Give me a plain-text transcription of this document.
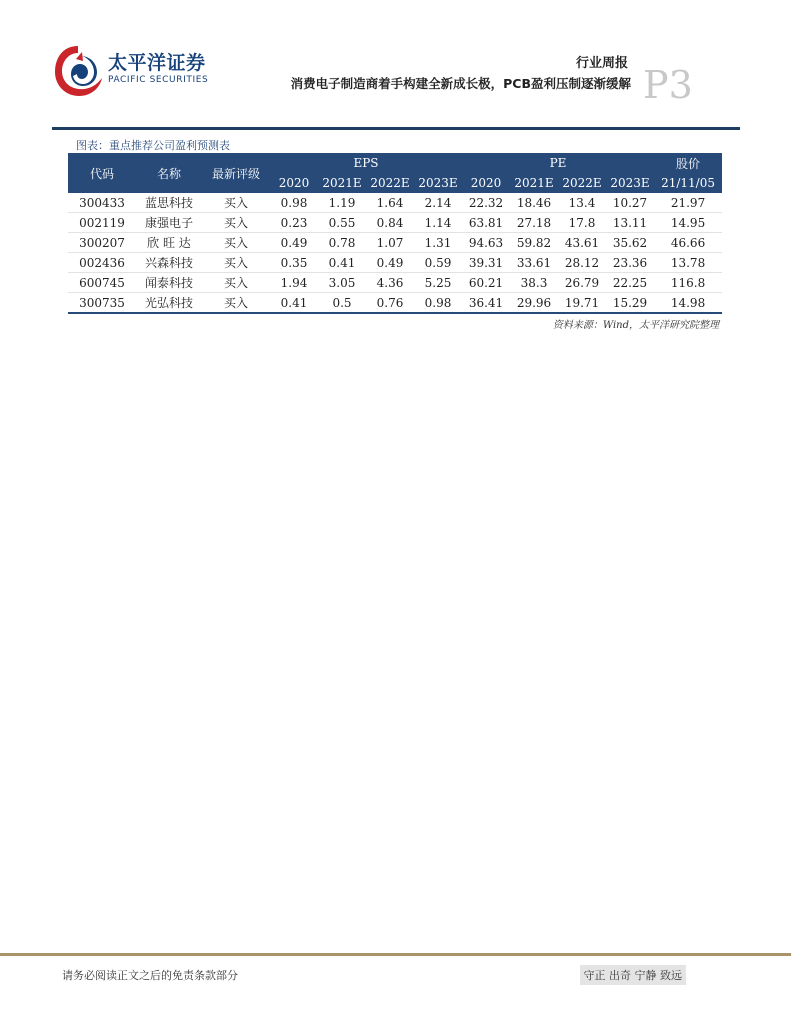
太平洋证券
PACIFIC SECURITIES
行业周报
消费电子制造商着手构建全新成长极，PCB盈利压制逐渐缓解 P3
图表：重点推荐公司盈利预测表
代码	名称	最新评级	EPS				PE				股价
			2020	2021E	2022E	2023E	2020	2021E	2022E	2023E	21/11/05
300433	蓝思科技	买入	0.98	1.19	1.64	2.14	22.32	18.46	13.4	10.27	21.97
002119	康强电子	买入	0.23	0.55	0.84	1.14	63.81	27.18	17.8	13.11	14.95
300207	欣 旺 达	买入	0.49	0.78	1.07	1.31	94.63	59.82	43.61	35.62	46.66
002436	兴森科技	买入	0.35	0.41	0.49	0.59	39.31	33.61	28.12	23.36	13.78
600745	闻泰科技	买入	1.94	3.05	4.36	5.25	60.21	38.3	26.79	22.25	116.8
300735	光弘科技	买入	0.41	0.5	0.76	0.98	36.41	29.96	19.71	15.29	14.98
资料来源：Wind，太平洋研究院整理
请务必阅读正文之后的免责条款部分	守正 出奇 宁静 致远
